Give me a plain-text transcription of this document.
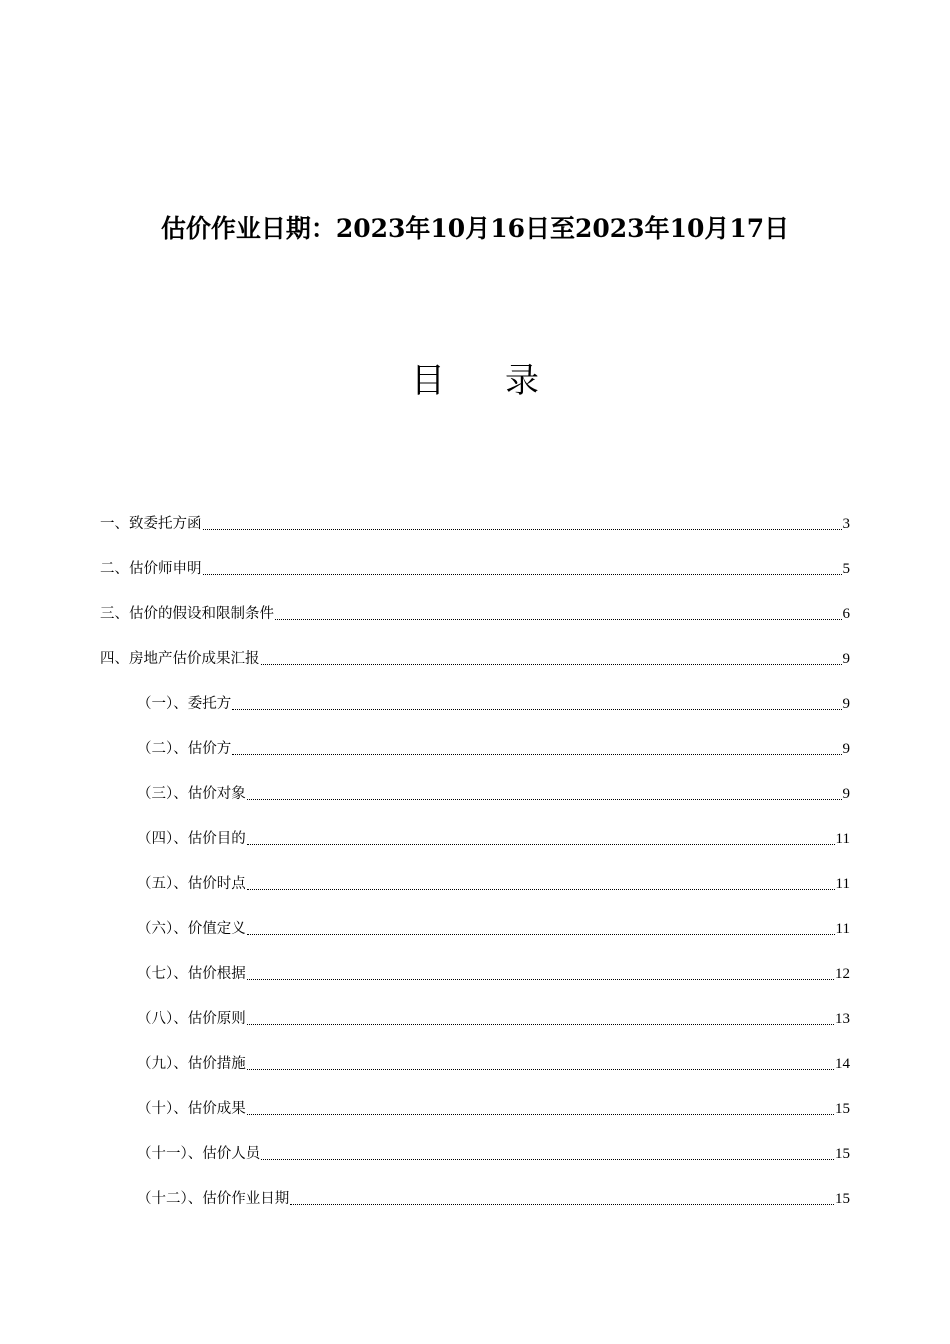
估价作业日期：2023年10月16日至2023年10月17日
目 录
一、致委托方函	3
二、估价师申明	5
三、估价的假设和限制条件	6
四、房地产估价成果汇报	9
（一）、委托方	9
（二）、估价方	9
（三）、估价对象	9
（四）、估价目的	11
（五）、估价时点	11
（六）、价值定义	11
（七）、估价根据	12
（八）、估价原则	13
（九）、估价措施	14
（十）、估价成果	15
（十一）、估价人员	15
（十二）、估价作业日期	15
